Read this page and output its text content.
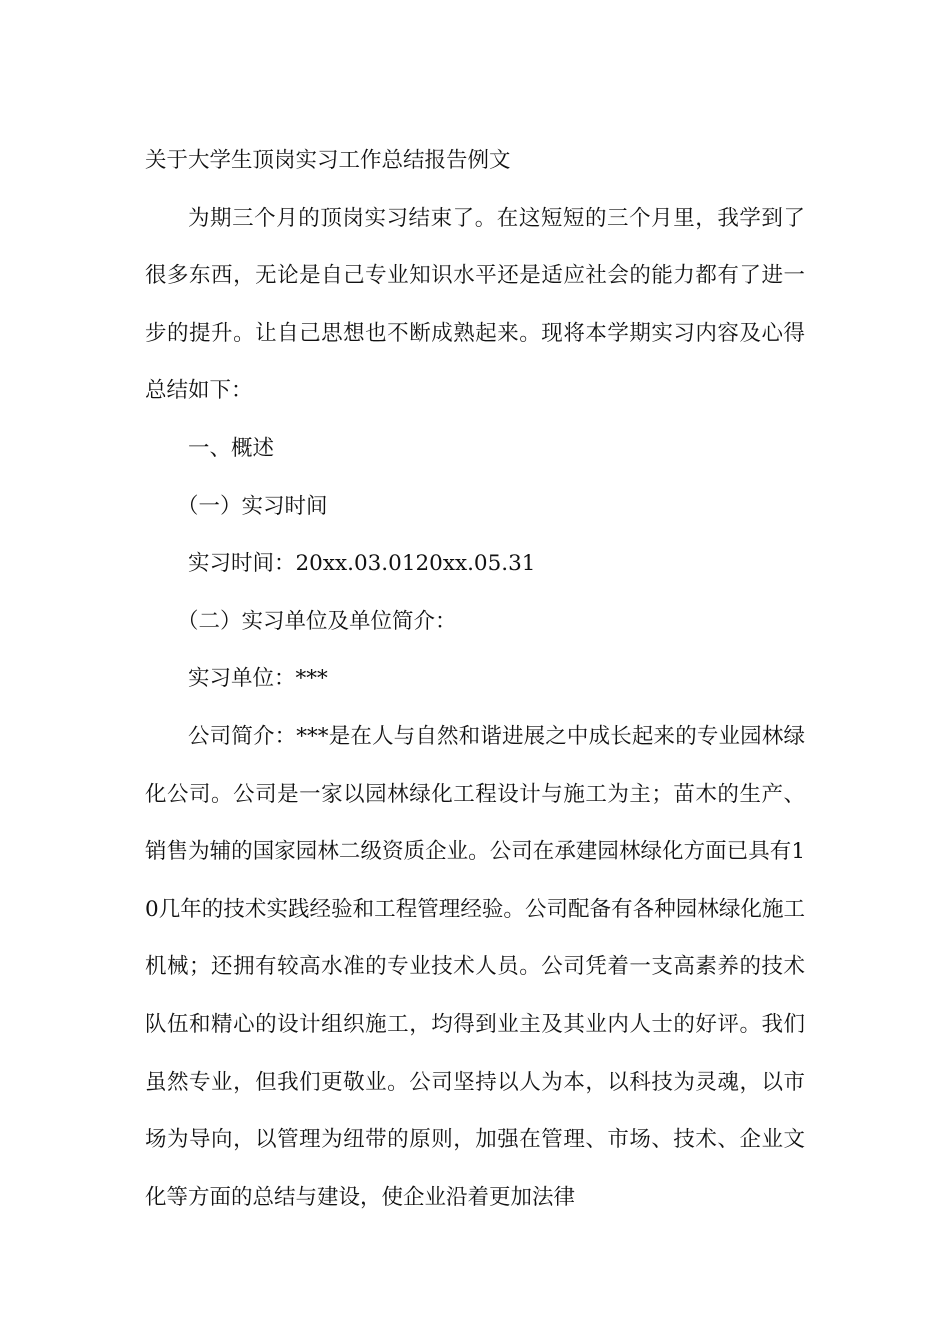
关于大学生顶岗实习工作总结报告例文

为期三个月的顶岗实习结束了。在这短短的三个月里，我学到了很多东西，无论是自己专业知识水平还是适应社会的能力都有了进一步的提升。让自己思想也不断成熟起来。现将本学期实习内容及心得总结如下：

一、概述

（一）实习时间

实习时间：20xx.03.0120xx.05.31

（二）实习单位及单位简介：

实习单位：***

公司简介：***是在人与自然和谐进展之中成长起来的专业园林绿化公司。公司是一家以园林绿化工程设计与施工为主；苗木的生产、销售为辅的国家园林二级资质企业。公司在承建园林绿化方面已具有10几年的技术实践经验和工程管理经验。公司配备有各种园林绿化施工机械；还拥有较高水准的专业技术人员。公司凭着一支高素养的技术队伍和精心的设计组织施工，均得到业主及其业内人士的好评。我们虽然专业，但我们更敬业。公司坚持以人为本，以科技为灵魂，以市场为导向，以管理为纽带的原则，加强在管理、市场、技术、企业文化等方面的总结与建设，使企业沿着更加法律
